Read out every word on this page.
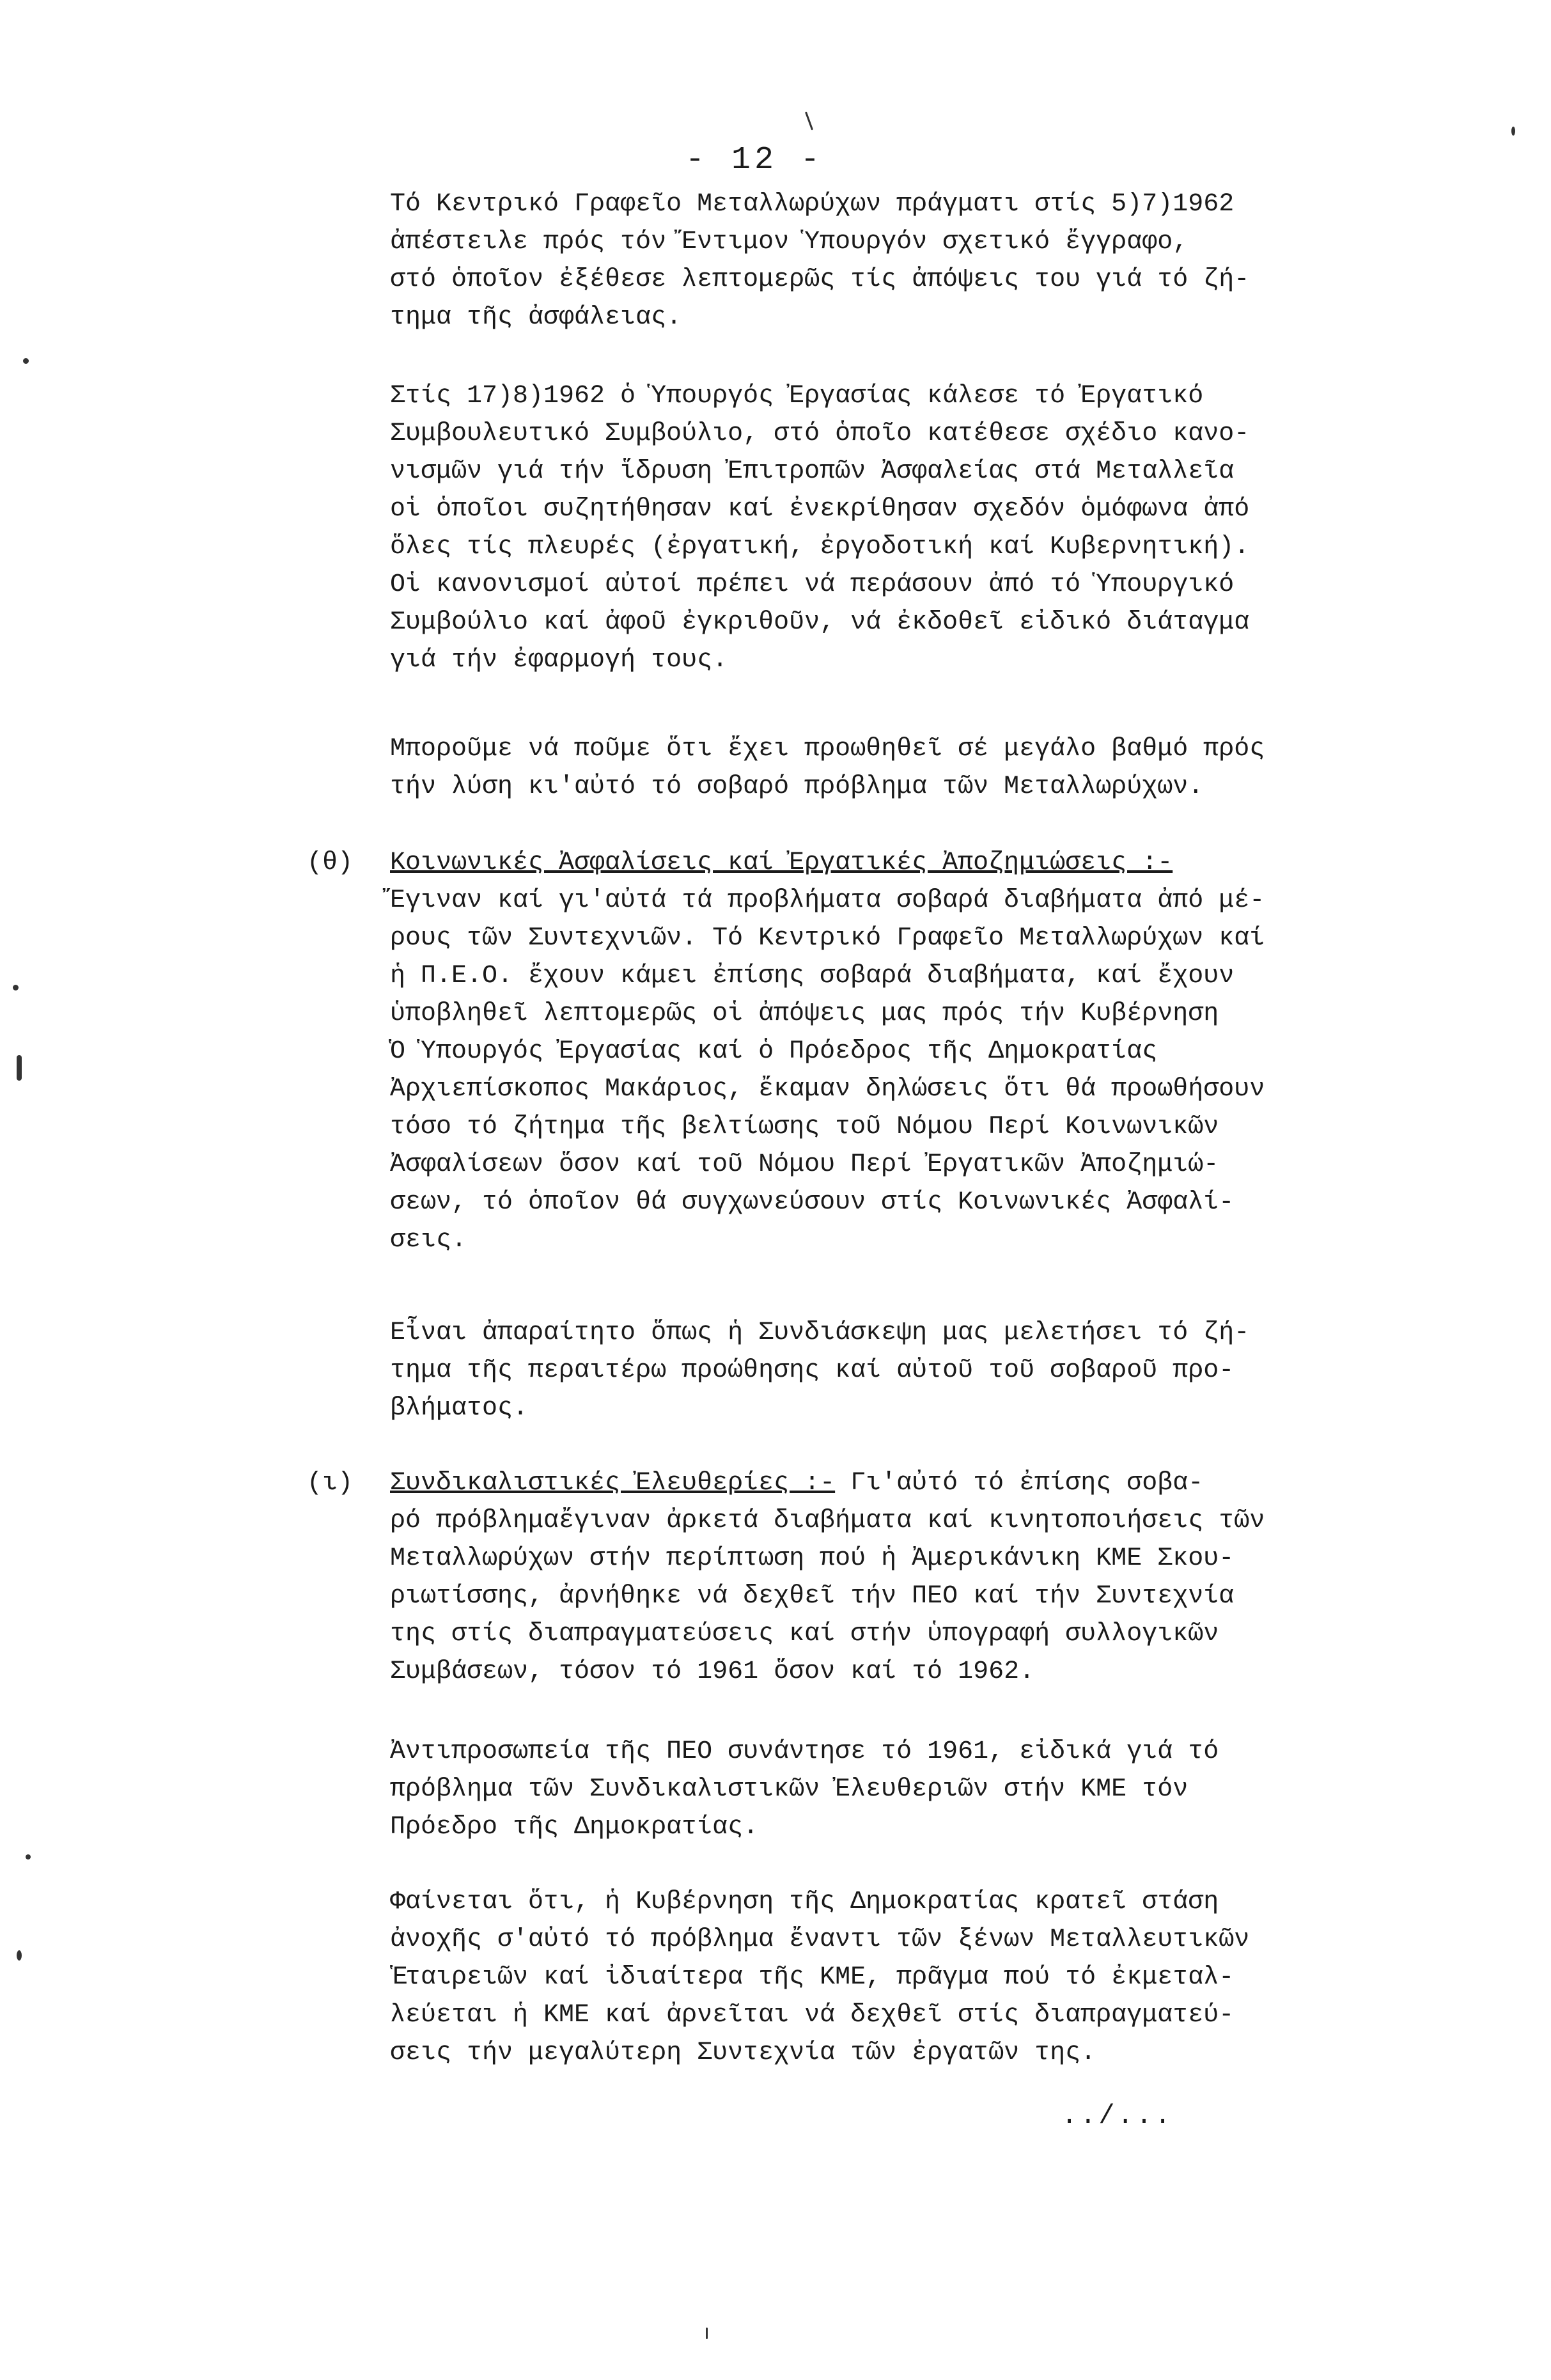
- 12 -
Τό Κεντρικό Γραφεῖο Μεταλλωρύχων πράγματι στίς 5)7)1962
ἀπέστειλε πρός τόν Ἔντιμον Ὑπουργόν σχετικό ἔγγραφο,
στό ὁποῖον ἐξέθεσε λεπτομερῶς τίς ἀπόψεις του γιά τό ζή-
τημα τῆς ἀσφάλειας.
Στίς 17)8)1962 ὁ Ὑπουργός Ἐργασίας κάλεσε τό Ἐργατικό
Συμβουλευτικό Συμβούλιο, στό ὁποῖο κατέθεσε σχέδιο κανο-
νισμῶν γιά τήν ἵδρυση Ἐπιτροπῶν Ἀσφαλείας στά Μεταλλεῖα
οἱ ὁποῖοι συζητήθησαν καί ἐνεκρίθησαν σχεδόν ὁμόφωνα ἀπό
ὅλες τίς πλευρές (ἐργατική, ἐργοδοτική καί Κυβερνητική).
Οἱ κανονισμοί αὐτοί πρέπει νά περάσουν ἀπό τό Ὑπουργικό
Συμβούλιο καί ἀφοῦ ἐγκριθοῦν, νά ἐκδοθεῖ εἰδικό διάταγμα
γιά τήν ἐφαρμογή τους.
Μποροῦμε νά ποῦμε ὅτι ἔχει προωθηθεῖ σέ μεγάλο βαθμό πρός
τήν λύση κι'αὐτό τό σοβαρό πρόβλημα τῶν Μεταλλωρύχων.
(θ) Κοινωνικές Ἀσφαλίσεις καί Ἐργατικές Ἀποζημιώσεις :-
Ἔγιναν καί γι'αὐτά τά προβλήματα σοβαρά διαβήματα ἀπό μέ-
ρους τῶν Συντεχνιῶν. Τό Κεντρικό Γραφεῖο Μεταλλωρύχων καί
ἡ Π.Ε.Ο. ἔχουν κάμει ἐπίσης σοβαρά διαβήματα, καί ἔχουν
ὑποβληθεῖ λεπτομερῶς οἱ ἀπόψεις μας πρός τήν Κυβέρνηση
Ὁ Ὑπουργός Ἐργασίας καί ὁ Πρόεδρος τῆς Δημοκρατίας
Ἀρχιεπίσκοπος Μακάριος, ἔκαμαν δηλώσεις ὅτι θά προωθήσουν
τόσο τό ζήτημα τῆς βελτίωσης τοῦ Νόμου Περί Κοινωνικῶν
Ἀσφαλίσεων ὅσον καί τοῦ Νόμου Περί Ἐργατικῶν Ἀποζημιώ-
σεων, τό ὁποῖον θά συγχωνεύσουν στίς Κοινωνικές Ἀσφαλί-
σεις.
Εἶναι ἀπαραίτητο ὅπως ἡ Συνδιάσκεψη μας μελετήσει τό ζή-
τημα τῆς περαιτέρω προώθησης καί αὐτοῦ τοῦ σοβαροῦ προ-
βλήματος.
(ι) Συνδικαλιστικές Ἐλευθερίες :- Γι'αὐτό τό ἐπίσης σοβα-
ρό πρόβλημαἔγιναν ἀρκετά διαβήματα καί κινητοποιήσεις τῶν
Μεταλλωρύχων στήν περίπτωση πού ἡ Ἀμερικάνικη ΚΜΕ Σκου-
ριωτίσσης, ἀρνήθηκε νά δεχθεῖ τήν ΠΕΟ καί τήν Συντεχνία
της στίς διαπραγματεύσεις καί στήν ὑπογραφή συλλογικῶν
Συμβάσεων, τόσον τό 1961 ὅσον καί τό 1962.
Ἀντιπροσωπεία τῆς ΠΕΟ συνάντησε τό 1961, εἰδικά γιά τό
πρόβλημα τῶν Συνδικαλιστικῶν Ἐλευθεριῶν στήν ΚΜΕ τόν
Πρόεδρο τῆς Δημοκρατίας.
Φαίνεται ὅτι, ἡ Κυβέρνηση τῆς Δημοκρατίας κρατεῖ στάση
ἀνοχῆς σ'αὐτό τό πρόβλημα ἔναντι τῶν ξένων Μεταλλευτικῶν
Ἑταιρειῶν καί ἰδιαίτερα τῆς ΚΜΕ, πρᾶγμα πού τό ἐκμεταλ-
λεύεται ἡ ΚΜΕ καί ἀρνεῖται νά δεχθεῖ στίς διαπραγματεύ-
σεις τήν μεγαλύτερη Συντεχνία τῶν ἐργατῶν της.
../...
